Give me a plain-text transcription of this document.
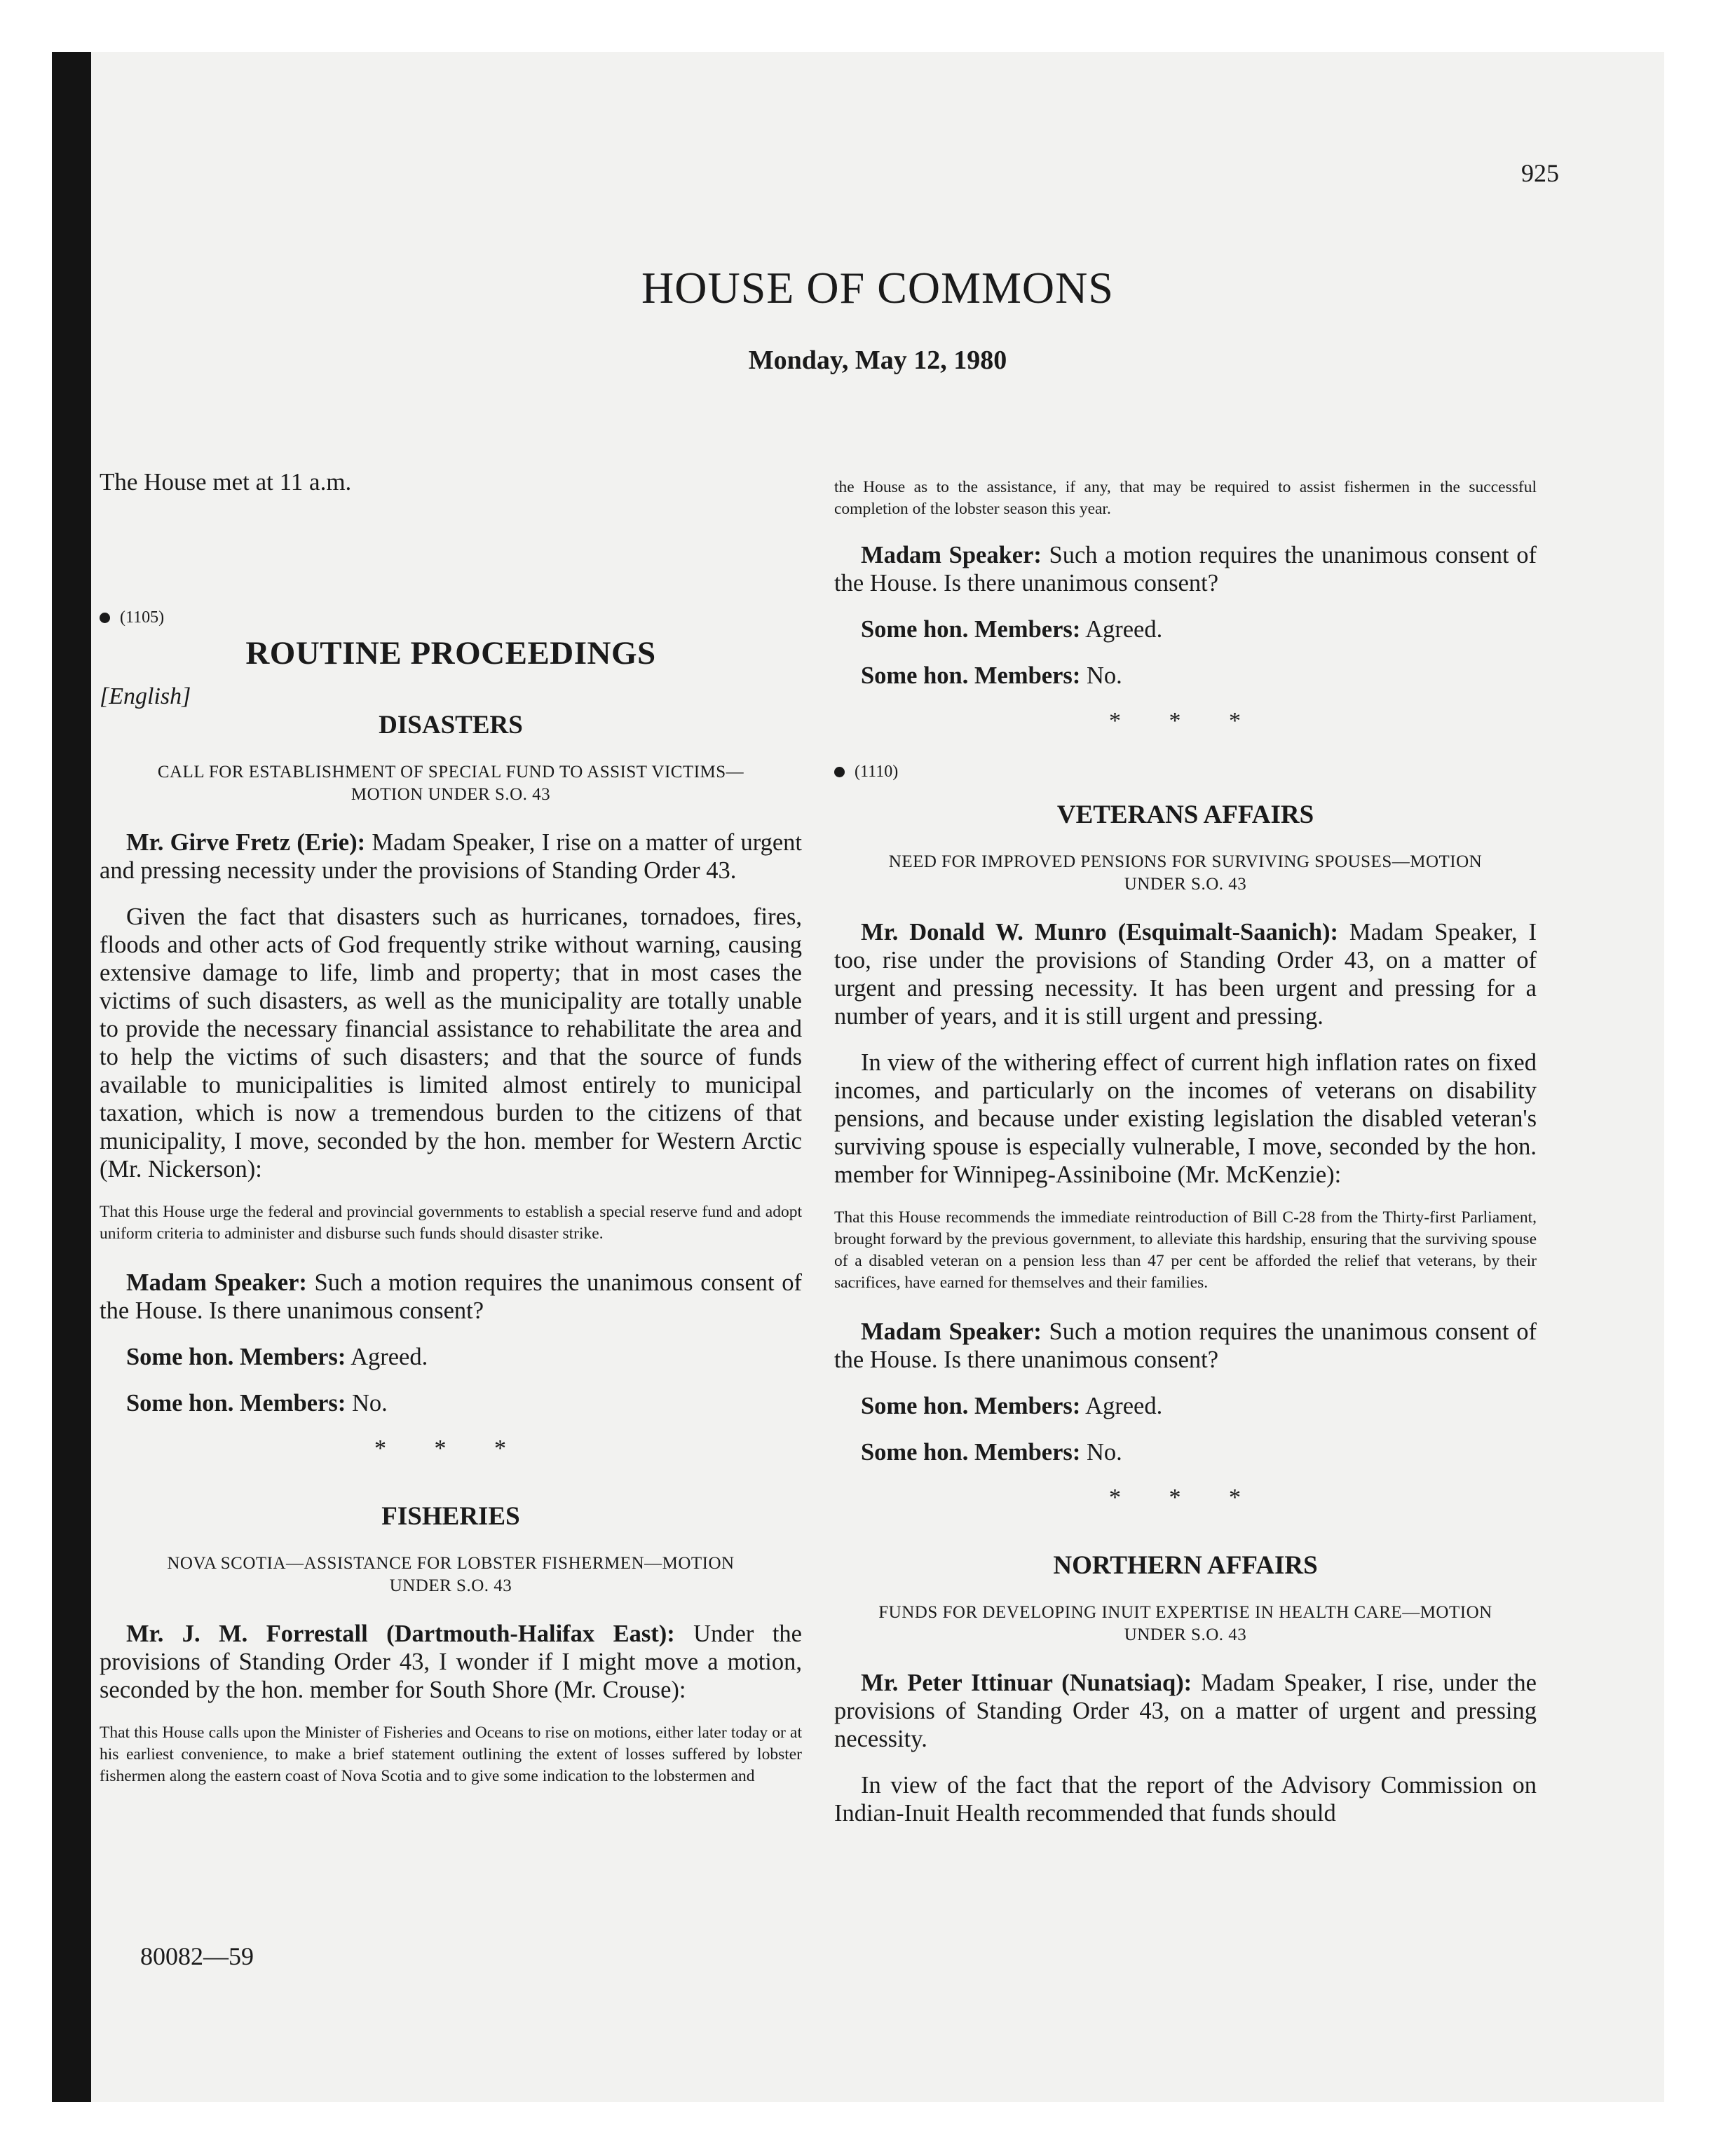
925
HOUSE OF COMMONS
Monday, May 12, 1980

The House met at 11 a.m.

(1105)
ROUTINE PROCEEDINGS

[English]

DISASTERS
CALL FOR ESTABLISHMENT OF SPECIAL FUND TO ASSIST VICTIMS—MOTION UNDER S.O. 43

Mr. Girve Fretz (Erie): Madam Speaker, I rise on a matter of urgent and pressing necessity under the provisions of Standing Order 43.

Given the fact that disasters such as hurricanes, tornadoes, fires, floods and other acts of God frequently strike without warning, causing extensive damage to life, limb and property; that in most cases the victims of such disasters, as well as the municipality are totally unable to provide the necessary financial assistance to rehabilitate the area and to help the victims of such disasters; and that the source of funds available to municipalities is limited almost entirely to municipal taxation, which is now a tremendous burden to the citizens of that municipality, I move, seconded by the hon. member for Western Arctic (Mr. Nickerson):

That this House urge the federal and provincial governments to establish a special reserve fund and adopt uniform criteria to administer and disburse such funds should disaster strike.

Madam Speaker: Such a motion requires the unanimous consent of the House. Is there unanimous consent?

Some hon. Members: Agreed.

Some hon. Members: No.

* * *
FISHERIES
NOVA SCOTIA—ASSISTANCE FOR LOBSTER FISHERMEN—MOTION UNDER S.O. 43

Mr. J. M. Forrestall (Dartmouth-Halifax East): Under the provisions of Standing Order 43, I wonder if I might move a motion, seconded by the hon. member for South Shore (Mr. Crouse):

That this House calls upon the Minister of Fisheries and Oceans to rise on motions, either later today or at his earliest convenience, to make a brief statement outlining the extent of losses suffered by lobster fishermen along the eastern coast of Nova Scotia and to give some indication to the lobstermen and
the House as to the assistance, if any, that may be required to assist fishermen in the successful completion of the lobster season this year.

Madam Speaker: Such a motion requires the unanimous consent of the House. Is there unanimous consent?

Some hon. Members: Agreed.

Some hon. Members: No.

* * *
(1110)
VETERANS AFFAIRS
NEED FOR IMPROVED PENSIONS FOR SURVIVING SPOUSES—MOTION UNDER S.O. 43

Mr. Donald W. Munro (Esquimalt-Saanich): Madam Speaker, I too, rise under the provisions of Standing Order 43, on a matter of urgent and pressing necessity. It has been urgent and pressing for a number of years, and it is still urgent and pressing.

In view of the withering effect of current high inflation rates on fixed incomes, and particularly on the incomes of veterans on disability pensions, and because under existing legislation the disabled veteran's surviving spouse is especially vulnerable, I move, seconded by the hon. member for Winnipeg-Assiniboine (Mr. McKenzie):

That this House recommends the immediate reintroduction of Bill C-28 from the Thirty-first Parliament, brought forward by the previous government, to alleviate this hardship, ensuring that the surviving spouse of a disabled veteran on a pension less than 47 per cent be afforded the relief that veterans, by their sacrifices, have earned for themselves and their families.

Madam Speaker: Such a motion requires the unanimous consent of the House. Is there unanimous consent?

Some hon. Members: Agreed.

Some hon. Members: No.

* * *
NORTHERN AFFAIRS
FUNDS FOR DEVELOPING INUIT EXPERTISE IN HEALTH CARE—MOTION UNDER S.O. 43

Mr. Peter Ittinuar (Nunatsiaq): Madam Speaker, I rise, under the provisions of Standing Order 43, on a matter of urgent and pressing necessity.

In view of the fact that the report of the Advisory Commission on Indian-Inuit Health recommended that funds should

80082—59
